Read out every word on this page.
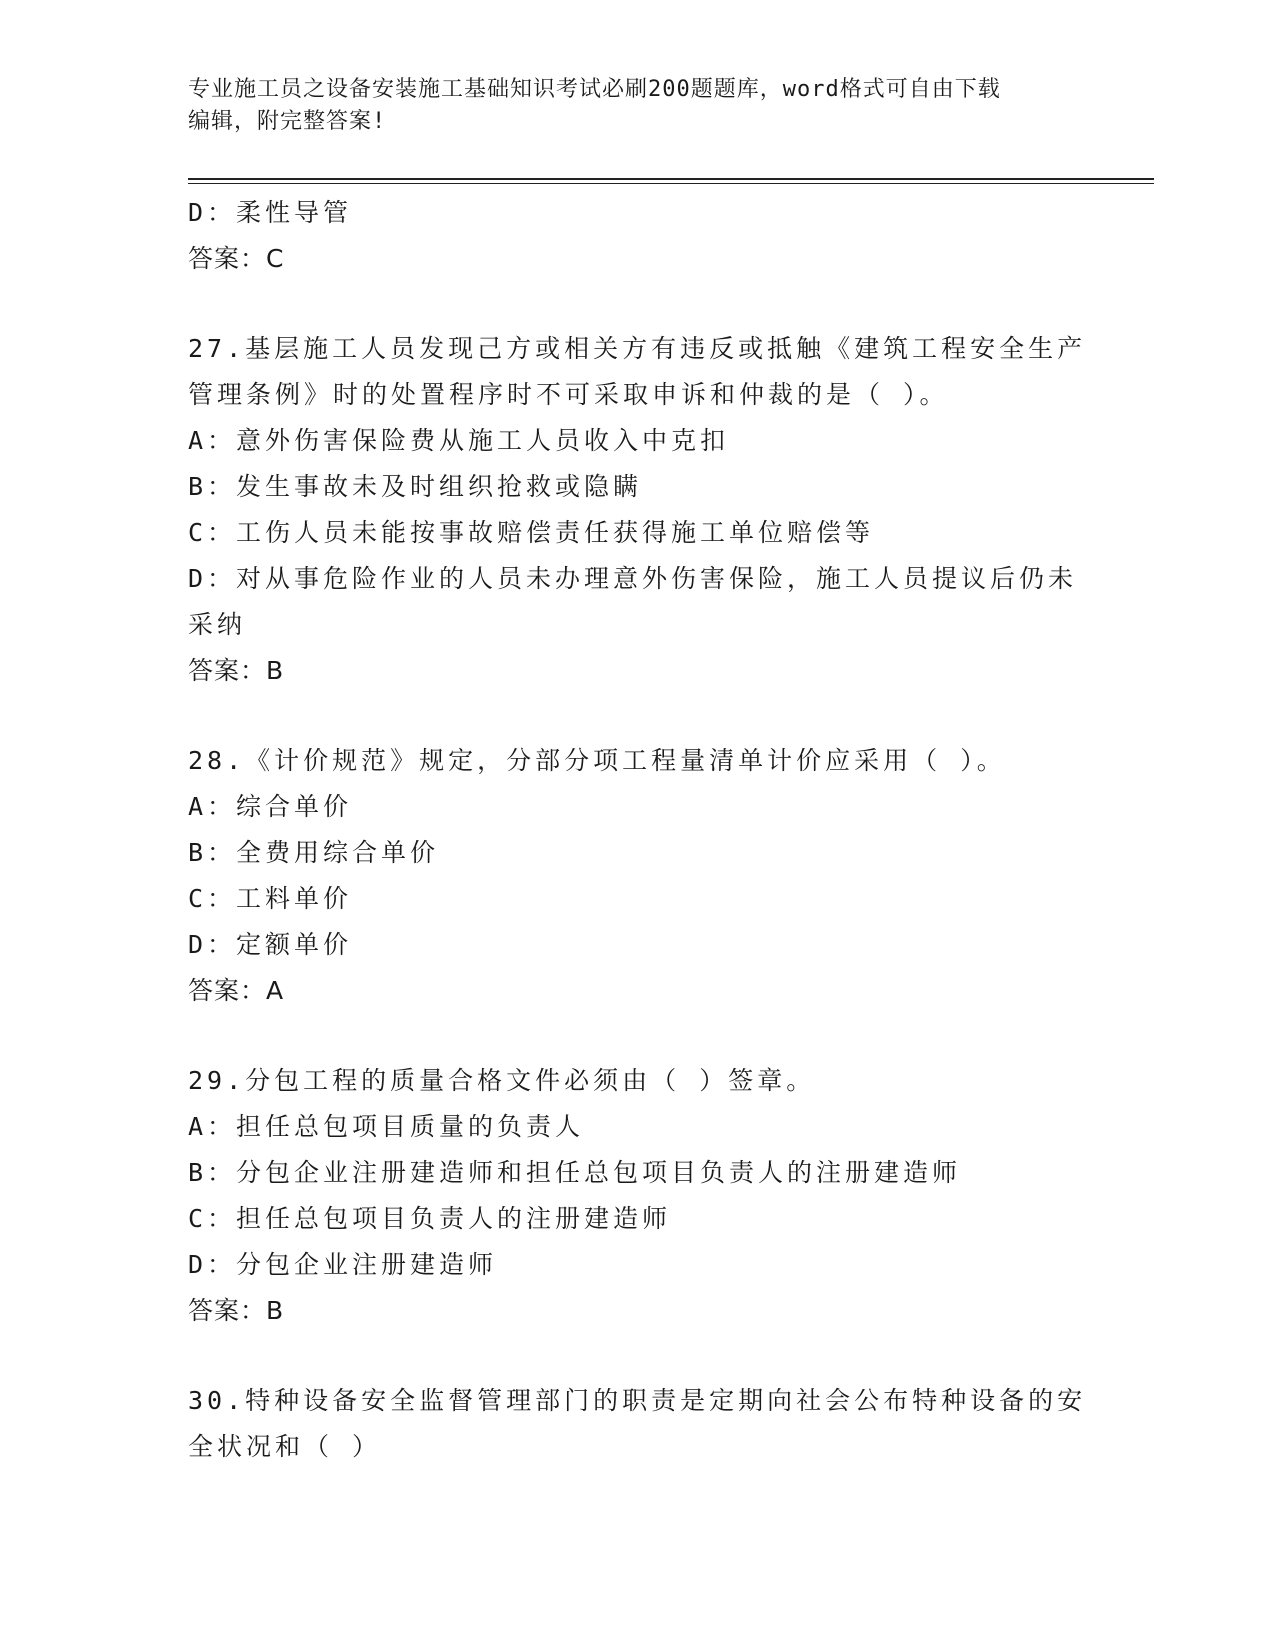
专业施工员之设备安装施工基础知识考试必刷200题题库，word格式可自由下载
编辑，附完整答案!
D：柔性导管
答案：C
27.基层施工人员发现己方或相关方有违反或抵触《建筑工程安全生产
管理条例》时的处置程序时不可采取申诉和仲裁的是（ ）。
A：意外伤害保险费从施工人员收入中克扣
B：发生事故未及时组织抢救或隐瞒
C：工伤人员未能按事故赔偿责任获得施工单位赔偿等
D：对从事危险作业的人员未办理意外伤害保险，施工人员提议后仍未
采纳
答案：B
28.《计价规范》规定，分部分项工程量清单计价应采用（ ）。
A：综合单价
B：全费用综合单价
C：工料单价
D：定额单价
答案：A
29.分包工程的质量合格文件必须由（ ）签章。
A：担任总包项目质量的负责人
B：分包企业注册建造师和担任总包项目负责人的注册建造师
C：担任总包项目负责人的注册建造师
D：分包企业注册建造师
答案：B
30.特种设备安全监督管理部门的职责是定期向社会公布特种设备的安
全状况和（ ）
